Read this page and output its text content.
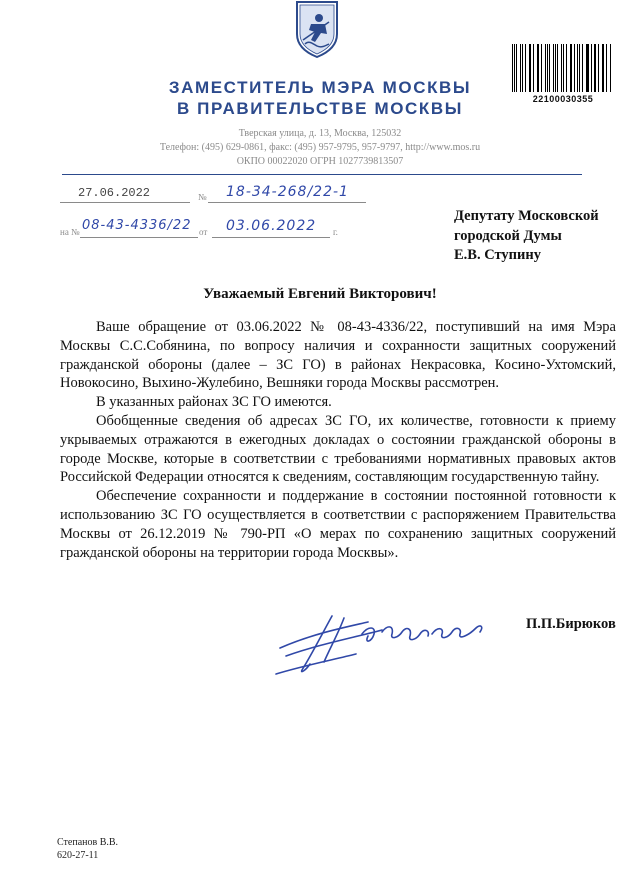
22100030355
ЗАМЕСТИТЕЛЬ МЭРА МОСКВЫ
В ПРАВИТЕЛЬСТВЕ МОСКВЫ
Тверская улица, д. 13, Москва, 125032
Телефон: (495) 629-0861, факс: (495) 957-9795, 957-9797, http://www.mos.ru
ОКПО 00022020 ОГРН 1027739813507
27.06.2022	№ 18-34-268/22-1
на № 08-43-4336/22 от 03.06.2022 г.
Депутату Московской
городской Думы
Е.В. Ступину
Уважаемый Евгений Викторович!

Ваше обращение от 03.06.2022 № 08-43-4336/22, поступивший на имя Мэра Москвы С.С.Собянина, по вопросу наличия и сохранности защитных сооружений гражданской обороны (далее – ЗС ГО) в районах Некрасовка, Косино-Ухтомский, Новокосино, Выхино-Жулебино, Вешняки города Москвы рассмотрен.

В указанных районах ЗС ГО имеются.

Обобщенные сведения об адресах ЗС ГО, их количестве, готовности к приему укрываемых отражаются в ежегодных докладах о состоянии гражданской обороны в городе Москве, которые в соответствии с требованиями нормативных правовых актов Российской Федерации относятся к сведениям, составляющим государственную тайну.

Обеспечение сохранности и поддержание в состоянии постоянной готовности к использованию ЗС ГО осуществляется в соответствии с распоряжением Правительства Москвы от 26.12.2019 № 790-РП «О мерах по сохранению защитных сооружений гражданской обороны на территории города Москвы».

П.П.Бирюков
Степанов В.В.
620-27-11
